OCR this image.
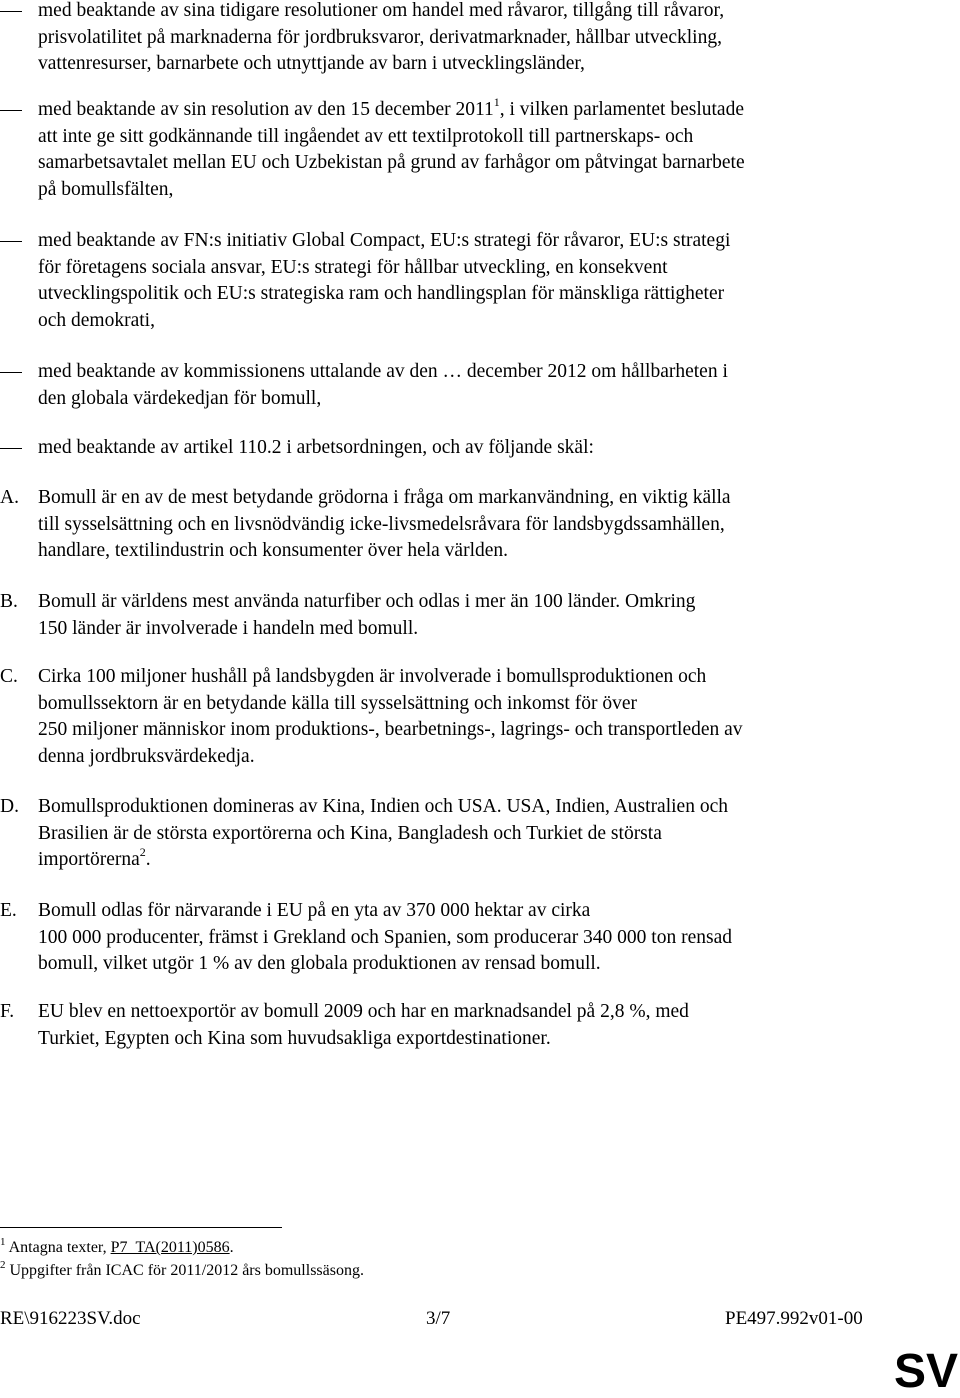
med beaktande av sina tidigare resolutioner om handel med råvaror, tillgång till råvaror,
prisvolatilitet på marknaderna för jordbruksvaror, derivatmarknader, hållbar utveckling,
vattenresurser, barnarbete och utnyttjande av barn i utvecklingsländer,
med beaktande av sin resolution av den 15 december 2011$^1$, i vilken parlamentet beslutade
att inte ge sitt godkännande till ingåendet av ett textilprotokoll till partnerskaps- och
samarbetsavtalet mellan EU och Uzbekistan på grund av farhågor om påtvingat barnarbete
på bomullsfälten,
med beaktande av FN:s initiativ Global Compact, EU:s strategi för råvaror, EU:s strategi
för företagens sociala ansvar, EU:s strategi för hållbar utveckling, en konsekvent
utvecklingspolitik och EU:s strategiska ram och handlingsplan för mänskliga rättigheter
och demokrati,
med beaktande av kommissionens uttalande av den … december 2012 om hållbarheten i
den globala värdekedjan för bomull,
med beaktande av artikel 110.2 i arbetsordningen, och av följande skäl:
A. Bomull är en av de mest betydande grödorna i fråga om markanvändning, en viktig källa
till sysselsättning och en livsnödvändig icke-livsmedelsråvara för landsbygdssamhällen,
handlare, textilindustrin och konsumenter över hela världen.
B.	Bomull är världens mest använda naturfiber och odlas i mer än 100 länder. Omkring
150 länder är involverade i handeln med bomull.
C.	Cirka 100 miljoner hushåll på landsbygden är involverade i bomullsproduktionen och
bomullssektorn är en betydande källa till sysselsättning och inkomst för över
250 miljoner människor inom produktions-, bearbetnings-, lagrings- och transportleden av
denna jordbruksvärdekedja.
D. Bomullsproduktionen domineras av Kina, Indien och USA. USA, Indien, Australien och
Brasilien är de största exportörerna och Kina, Bangladesh och Turkiet de största
importörerna$^2$.
E.	Bomull odlas för närvarande i EU på en yta av 370 000 hektar av cirka
100 000 producenter, främst i Grekland och Spanien, som producerar 340 000 ton rensad
bomull, vilket utgör 1 % av den globala produktionen av rensad bomull.
F.	EU blev en nettoexportör av bomull 2009 och har en marknadsandel på 2,8 %, med
Turkiet, Egypten och Kina som huvudsakliga exportdestinationer.
$^1$ Antagna texter, P7_TA(2011)0586.
$^2$ Uppgifter från ICAC för 2011/2012 års bomullssäsong.
RE\916223SV.doc	3/7	PE497.992v01-00
SV
